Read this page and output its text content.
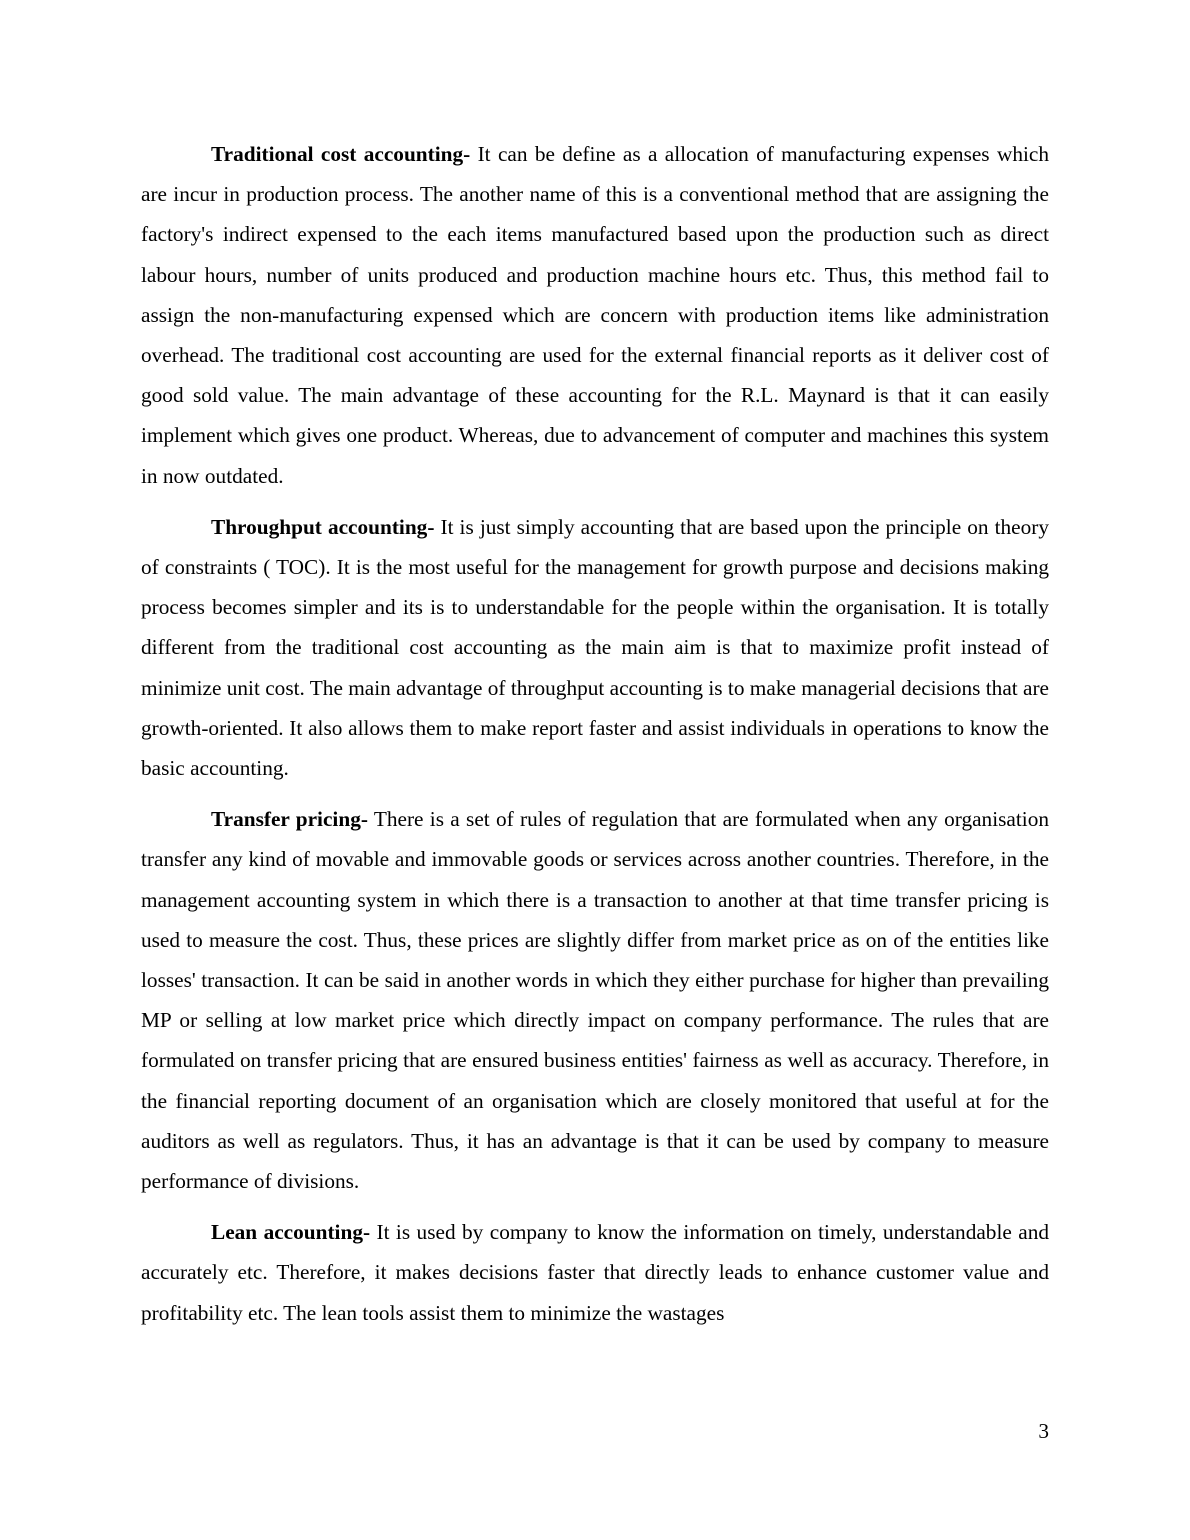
Traditional cost accounting- It can be define as a allocation of manufacturing expenses which are incur in production process. The another name of this is a conventional method that are assigning the factory's indirect expensed to the each items manufactured based upon the production such as direct labour hours, number of units produced and production machine hours etc. Thus, this method fail to assign the non-manufacturing expensed which are concern with production items like administration overhead. The traditional cost accounting are used for the external financial reports as it deliver cost of good sold value. The main advantage of these accounting for the R.L. Maynard is that it can easily implement which gives one product. Whereas, due to advancement of computer and machines this system in now outdated.

Throughput accounting- It is just simply accounting that are based upon the principle on theory of constraints ( TOC). It is the most useful for the management for growth purpose and decisions making process becomes simpler and its is to understandable for the people within the organisation. It is totally different from the traditional cost accounting as the main aim is that to maximize profit instead of minimize unit cost. The main advantage of throughput accounting is to make managerial decisions that are growth-oriented. It also allows them to make report faster and assist individuals in operations to know the basic accounting.

Transfer pricing- There is a set of rules of regulation that are formulated when any organisation transfer any kind of movable and immovable goods or services across another countries. Therefore, in the management accounting system in which there is a transaction to another at that time transfer pricing is used to measure the cost. Thus, these prices are slightly differ from market price as on of the entities like losses' transaction. It can be said in another words in which they either purchase for higher than prevailing MP or selling at low market price which directly impact on company performance. The rules that are formulated on transfer pricing that are ensured business entities' fairness as well as accuracy. Therefore, in the financial reporting document of an organisation which are closely monitored that useful at for the auditors as well as regulators. Thus, it has an advantage is that it can be used by company to measure performance of divisions.

Lean accounting- It is used by company to know the information on timely, understandable and accurately etc. Therefore, it makes decisions faster that directly leads to enhance customer value and profitability etc. The lean tools assist them to minimize the wastages

3
